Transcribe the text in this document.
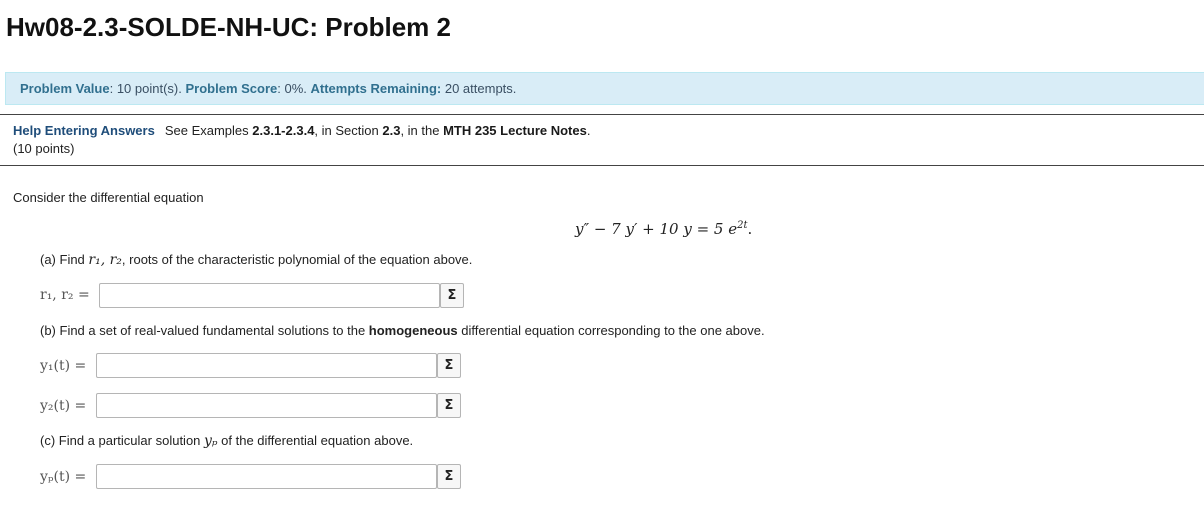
Hw08-2.3-SOLDE-NH-UC: Problem 2
Problem Value: 10 point(s). Problem Score: 0%. Attempts Remaining: 20 attempts.
Help Entering Answers See Examples 2.3.1-2.3.4, in Section 2.3, in the MTH 235 Lecture Notes.
(10 points)
Consider the differential equation
y″ − 7 y′ + 10 y = 5 $e^{2t}$.
(a) Find r₁, r₂, roots of the characteristic polynomial of the equation above.
r₁, r₂ =	Σ
(b) Find a set of real-valued fundamental solutions to the homogeneous differential equation corresponding to the one above.
y₁(t) =	Σ
y₂(t) =	Σ
(c) Find a particular solution yₚ of the differential equation above.
yₚ(t) =	Σ
